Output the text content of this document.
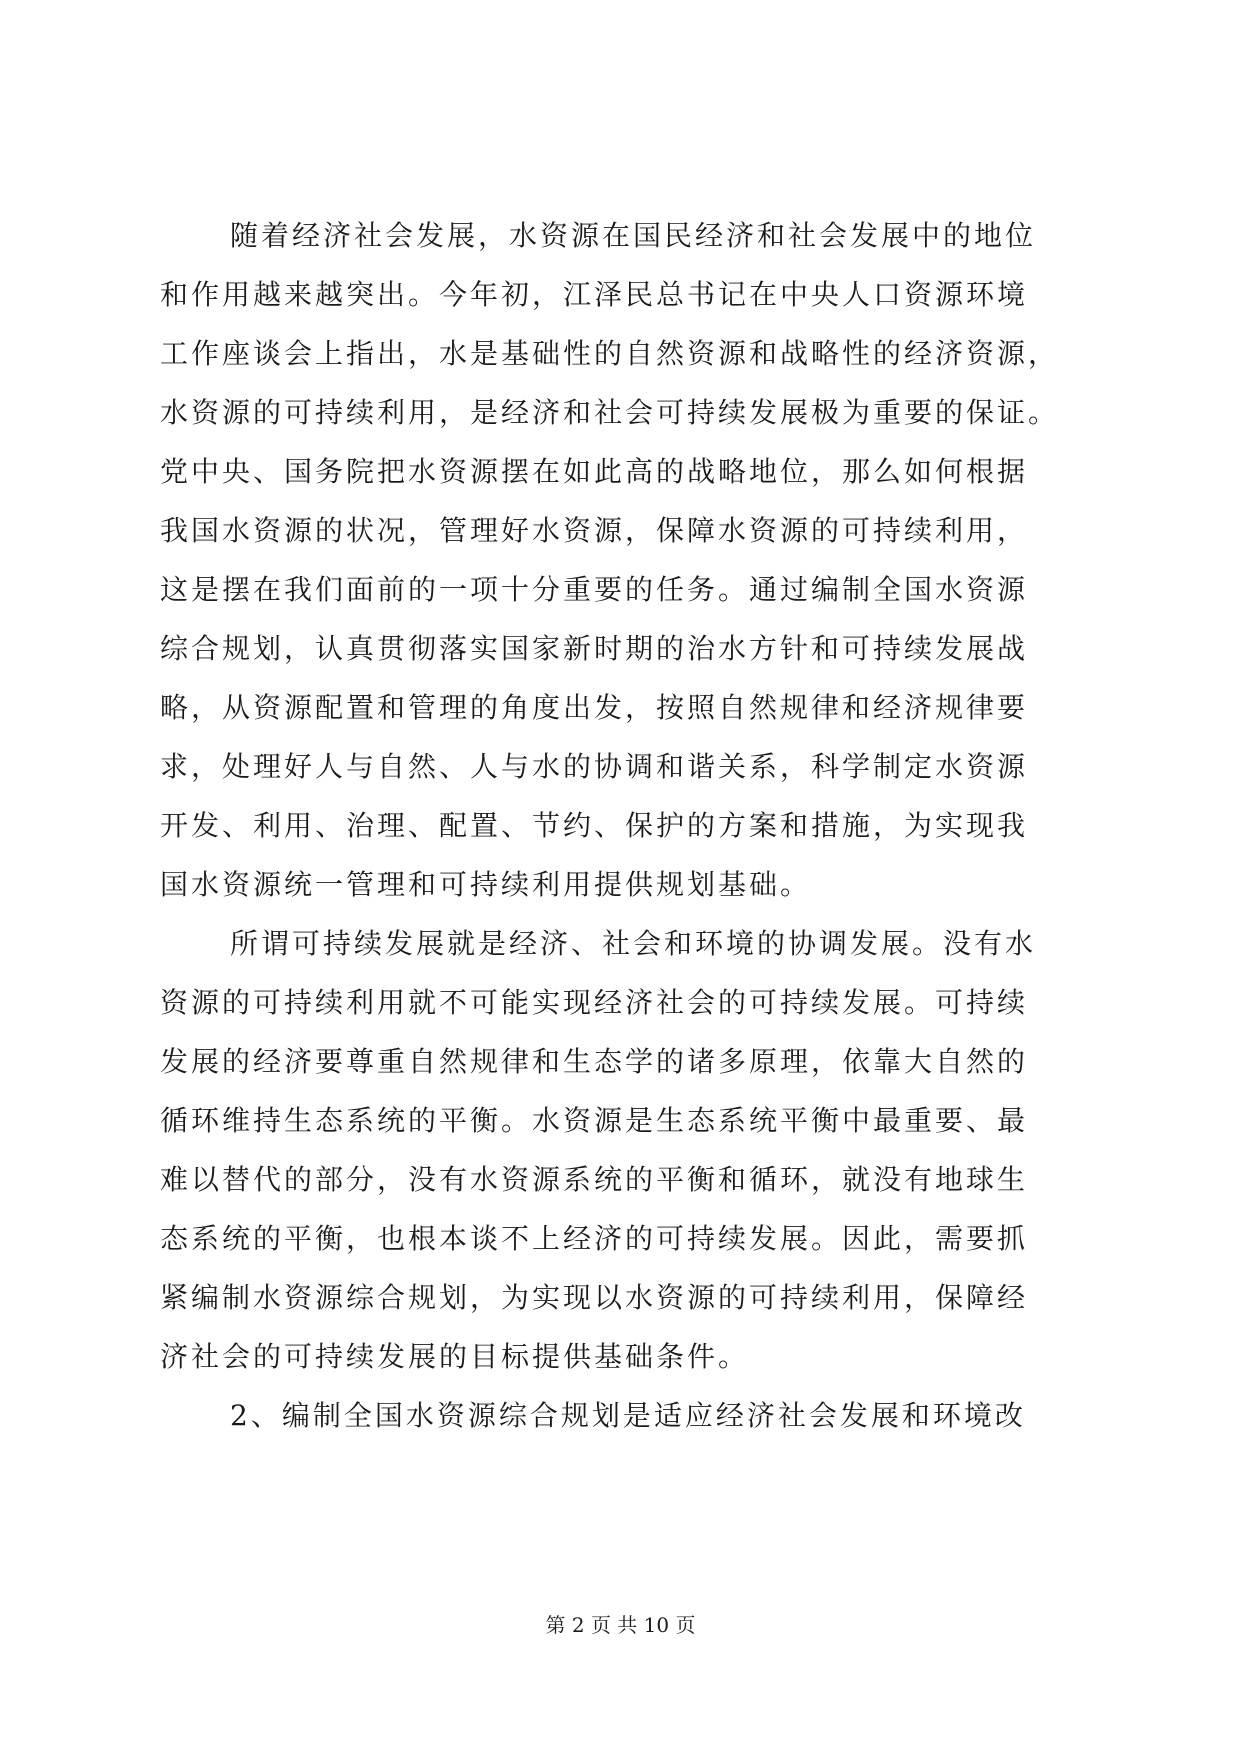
随着经济社会发展，水资源在国民经济和社会发展中的地位
和作用越来越突出。今年初，江泽民总书记在中央人口资源环境
工作座谈会上指出，水是基础性的自然资源和战略性的经济资源，
水资源的可持续利用，是经济和社会可持续发展极为重要的保证。
党中央、国务院把水资源摆在如此高的战略地位，那么如何根据
我国水资源的状况，管理好水资源，保障水资源的可持续利用，
这是摆在我们面前的一项十分重要的任务。通过编制全国水资源
综合规划，认真贯彻落实国家新时期的治水方针和可持续发展战
略，从资源配置和管理的角度出发，按照自然规律和经济规律要
求，处理好人与自然、人与水的协调和谐关系，科学制定水资源
开发、利用、治理、配置、节约、保护的方案和措施，为实现我
国水资源统一管理和可持续利用提供规划基础。
所谓可持续发展就是经济、社会和环境的协调发展。没有水
资源的可持续利用就不可能实现经济社会的可持续发展。可持续
发展的经济要尊重自然规律和生态学的诸多原理，依靠大自然的
循环维持生态系统的平衡。水资源是生态系统平衡中最重要、最
难以替代的部分，没有水资源系统的平衡和循环，就没有地球生
态系统的平衡，也根本谈不上经济的可持续发展。因此，需要抓
紧编制水资源综合规划，为实现以水资源的可持续利用，保障经
济社会的可持续发展的目标提供基础条件。
2、编制全国水资源综合规划是适应经济社会发展和环境改
第 2 页 共 10 页
